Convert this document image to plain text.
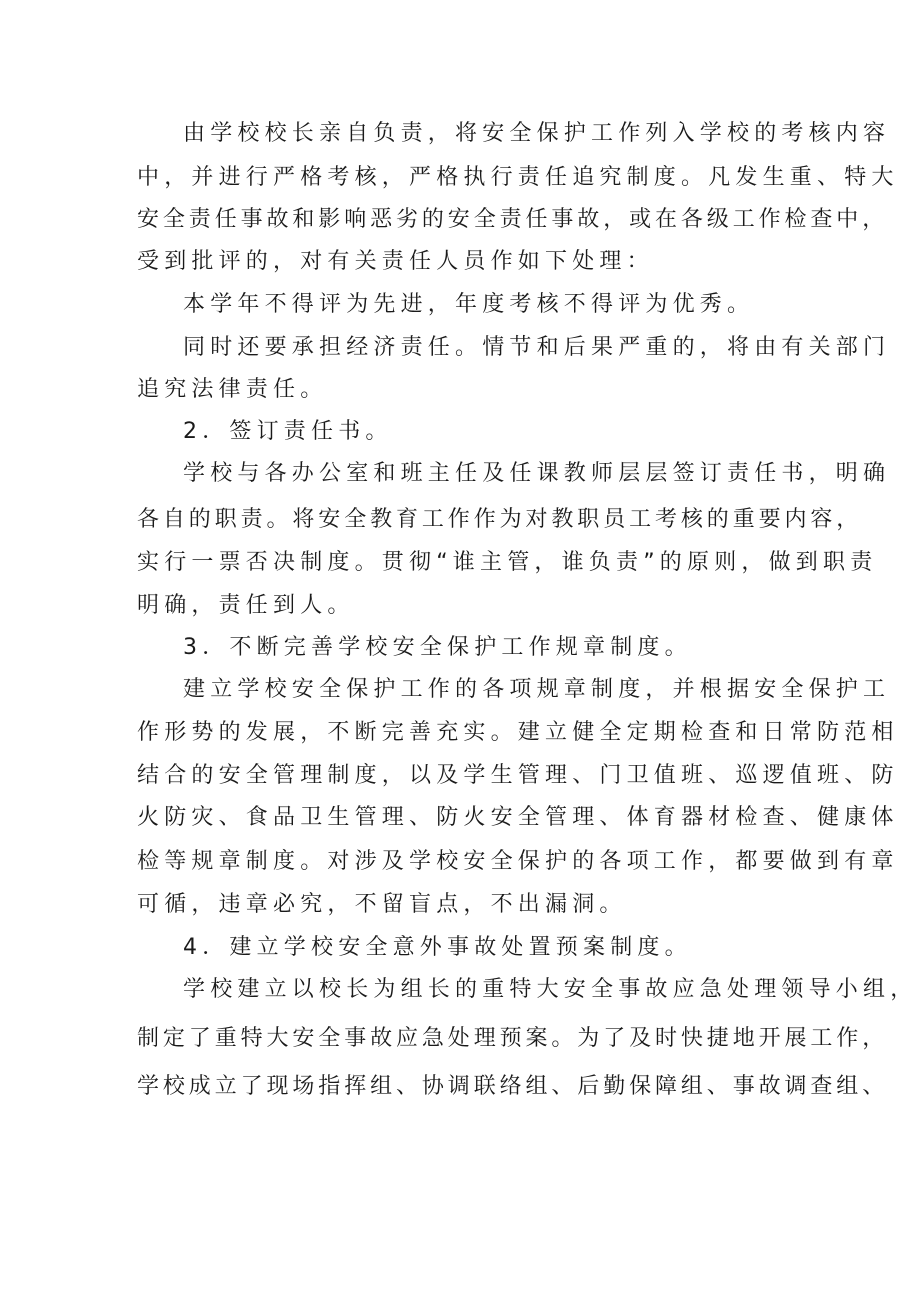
由学校校长亲自负责，将安全保护工作列入学校的考核内容
中，并进行严格考核，严格执行责任追究制度。凡发生重、特大
安全责任事故和影响恶劣的安全责任事故，或在各级工作检查中，
受到批评的，对有关责任人员作如下处理：
本学年不得评为先进，年度考核不得评为优秀。
同时还要承担经济责任。情节和后果严重的，将由有关部门
追究法律责任。
2．签订责任书。
学校与各办公室和班主任及任课教师层层签订责任书，明确
各自的职责。将安全教育工作作为对教职员工考核的重要内容，
实行一票否决制度。贯彻“谁主管，谁负责”的原则，做到职责
明确，责任到人。
3．不断完善学校安全保护工作规章制度。
建立学校安全保护工作的各项规章制度，并根据安全保护工
作形势的发展，不断完善充实。建立健全定期检查和日常防范相
结合的安全管理制度，以及学生管理、门卫值班、巡逻值班、防
火防灾、食品卫生管理、防火安全管理、体育器材检查、健康体
检等规章制度。对涉及学校安全保护的各项工作，都要做到有章
可循，违章必究，不留盲点，不出漏洞。
4．建立学校安全意外事故处置预案制度。
学校建立以校长为组长的重特大安全事故应急处理领导小组，
制定了重特大安全事故应急处理预案。为了及时快捷地开展工作，
学校成立了现场指挥组、协调联络组、后勤保障组、事故调查组、
